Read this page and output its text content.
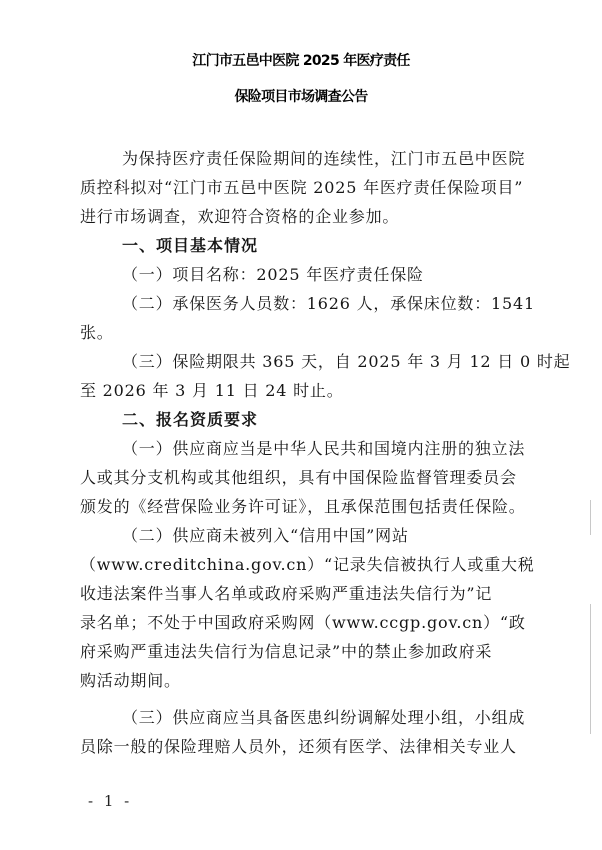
江门市五邑中医院 2025 年医疗责任
保险项目市场调查公告
为保持医疗责任保险期间的连续性，江门市五邑中医院
质控科拟对“江门市五邑中医院 2025 年医疗责任保险项目”
进行市场调查，欢迎符合资格的企业参加。
一、项目基本情况
（一）项目名称：2025 年医疗责任保险
（二）承保医务人员数：1626 人，承保床位数：1541
张。
（三）保险期限共 365 天，自 2025 年 3 月 12 日 0 时起
至 2026 年 3 月 11 日 24 时止。
二、报名资质要求
（一）供应商应当是中华人民共和国境内注册的独立法
人或其分支机构或其他组织，具有中国保险监督管理委员会
颁发的《经营保险业务许可证》，且承保范围包括责任保险。
（二）供应商未被列入“信用中国”网站
（www.creditchina.gov.cn）“记录失信被执行人或重大税
收违法案件当事人名单或政府采购严重违法失信行为”记
录名单；不处于中国政府采购网（www.ccgp.gov.cn）“政
府采购严重违法失信行为信息记录”中的禁止参加政府采
购活动期间。
（三）供应商应当具备医患纠纷调解处理小组，小组成
员除一般的保险理赔人员外，还须有医学、法律相关专业人
- 1 -
